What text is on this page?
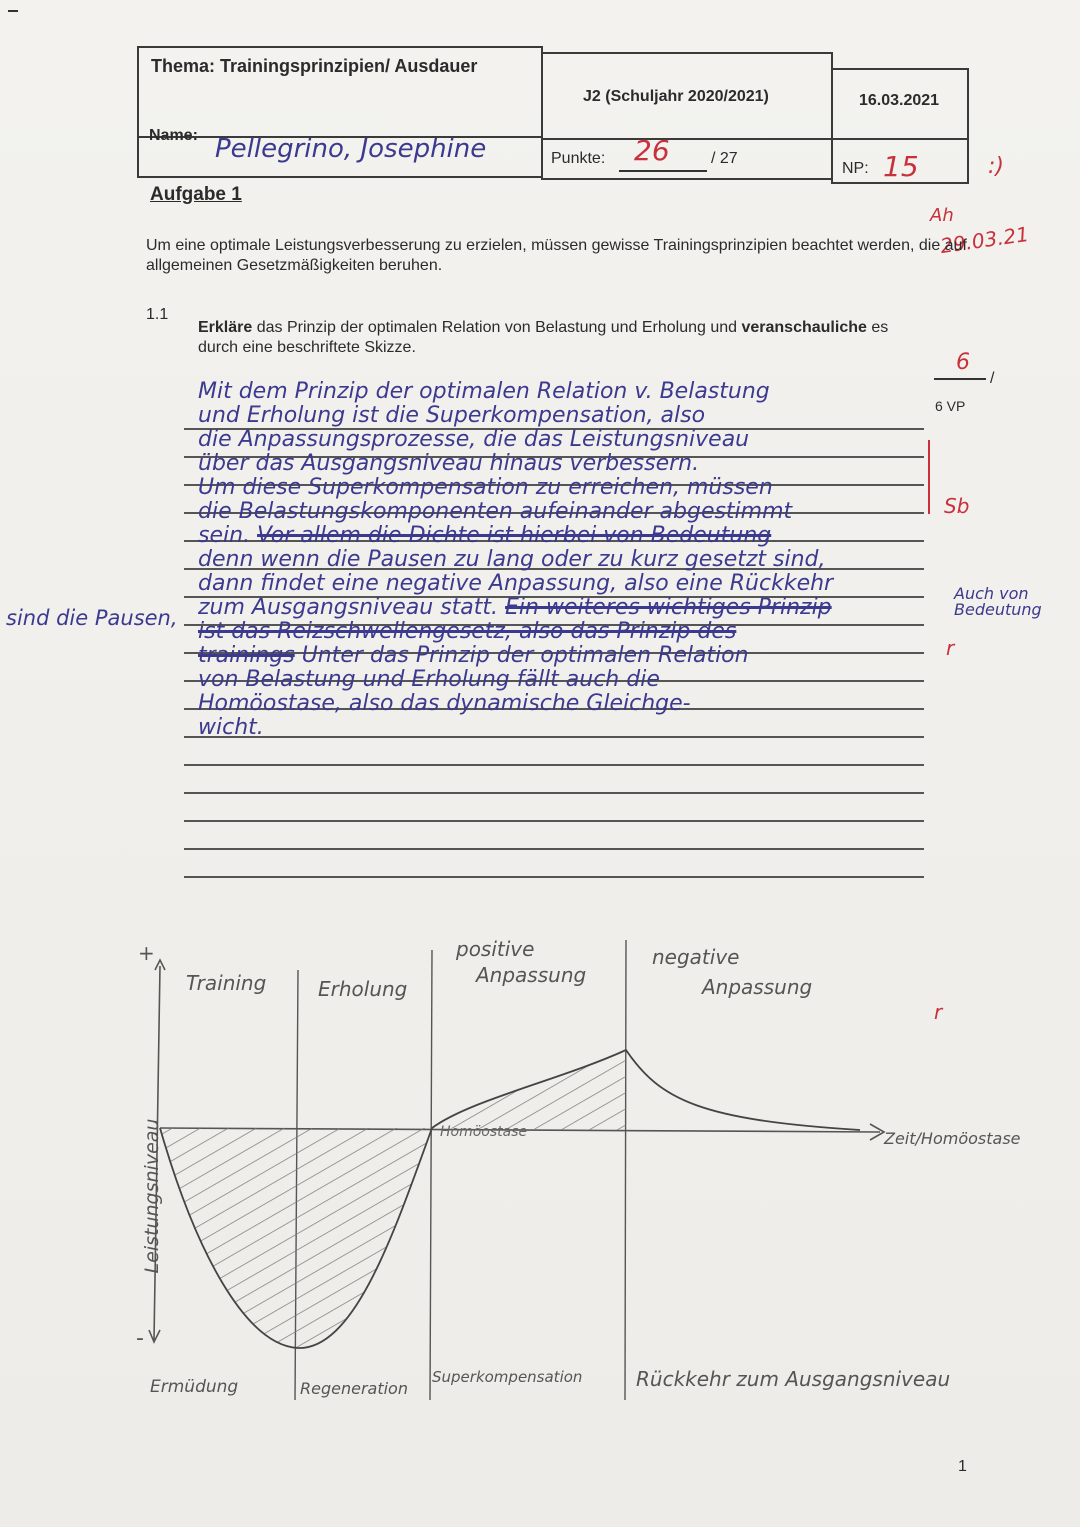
Thema: Trainingsprinzipien/ Ausdauer
J2 (Schuljahr 2020/2021)	16.03.2021
Name: Pellegrino, Josephine	Punkte: 26	/ 27
NP: 15	:)
Aufgabe 1
Ah
29.03.21
Um eine optimale Leistungsverbesserung zu erzielen, müssen gewisse Trainingsprinzipien beachtet werden, die auf allgemeinen Gesetzmäßigkeiten beruhen.
1.1
Erkläre das Prinzip der optimalen Relation von Belastung und Erholung und veranschauliche es durch eine beschriftete Skizze.
6
/
6 VP
Sb
Mit dem Prinzip der optimalen Relation v. Belastung
und Erholung ist die Superkompensation, also
die Anpassungsprozesse, die das Leistungsniveau
über das Ausgangsniveau hinaus verbessern.
Um diese Superkompensation zu erreichen, müssen
die Belastungskomponenten aufeinander abgestimmt
sein. Vor allem die Dichte ist hierbei von Bedeutung
denn wenn die Pausen zu lang oder zu kurz gesetzt sind,
dann findet eine negative Anpassung, also eine Rückkehr
zum Ausgangsniveau statt. Ein weiteres wichtiges Prinzip
ist das Reizschwellengesetz, also das Prinzip des
trainings Unter das Prinzip der optimalen Relation
von Belastung und Erholung fällt auch die
Homöostase, also das dynamische Gleichge-
wicht.
sind die Pausen,
Auch von Bedeutung
r
+
-
Leistungsniveau
Training	Erholung
positive
Anpassung
negative
Anpassung
Homöostase	Zeit/Homöostase
Ermüdung	Regeneration
Superkompensation	Rückkehr zum Ausgangsniveau
r
1
